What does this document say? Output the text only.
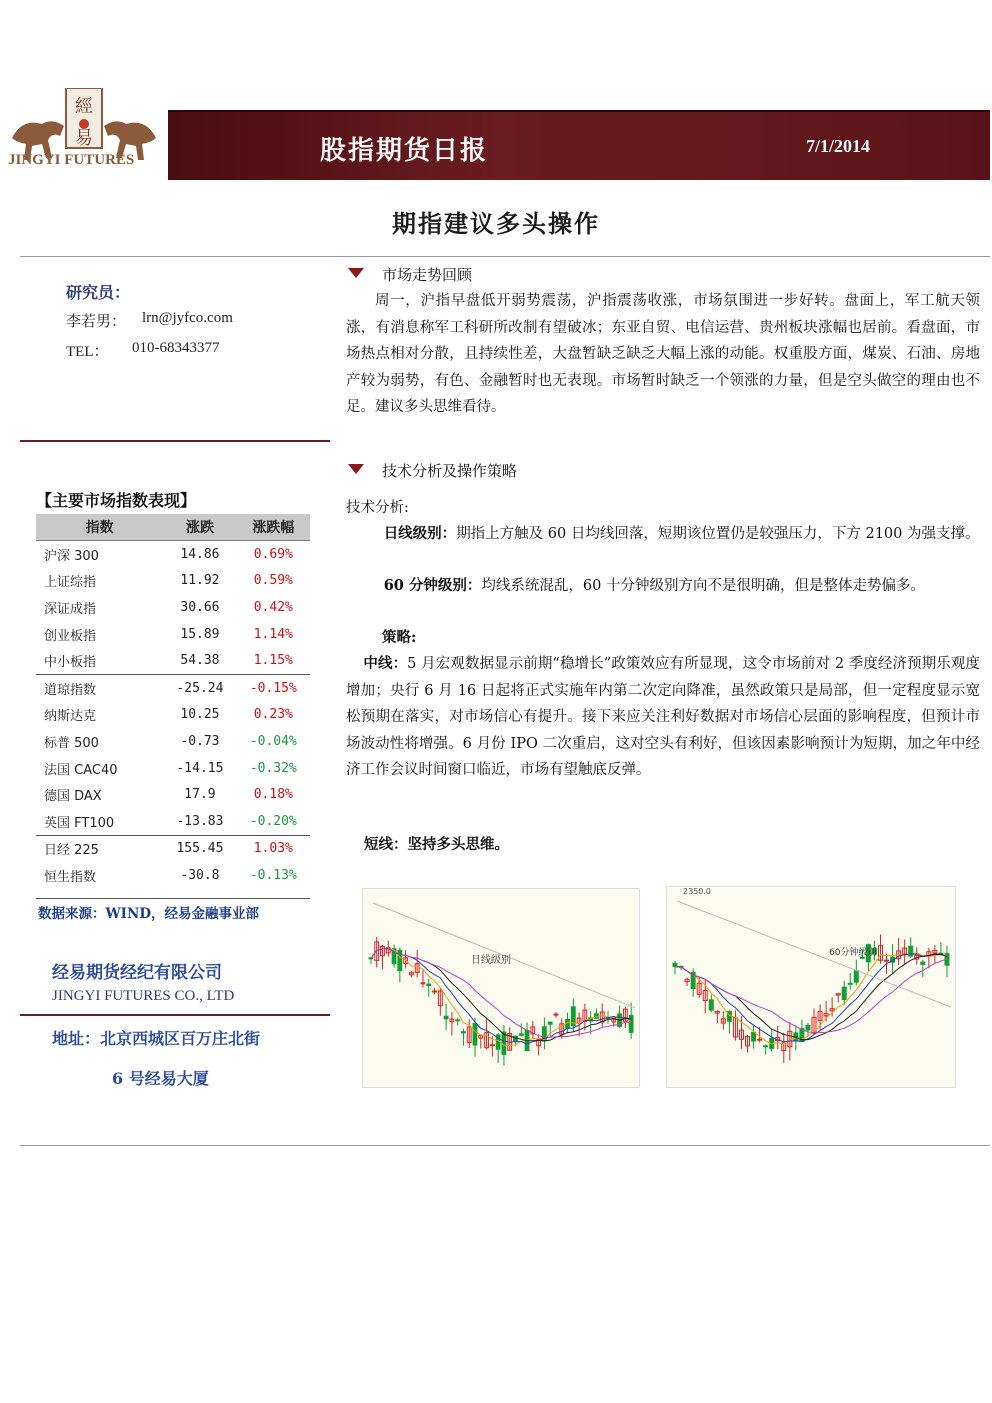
經
易
JINGYI FUTURES	股指期货日报	7/1/2014
期指建议多头操作
研究员：
李若男： lrn@jyfco.com
TEL： 010-68343377
【主要市场指数表现】
指数	涨跌	涨跌幅
沪深 300	14.86	0.69%
上证综指	11.92	0.59%
深证成指	30.66	0.42%
创业板指	15.89	1.14%
中小板指	54.38	1.15%
道琼指数	-25.24	-0.15%
纳斯达克	10.25	0.23%
标普 500	-0.73	-0.04%
法国 CAC40	-14.15	-0.32%
德国 DAX	17.9	0.18%
英国 FT100	-13.83	-0.20%
日经 225	155.45	1.03%
恒生指数	-30.8	-0.13%
数据来源：WIND，经易金融事业部
经易期货经纪有限公司
JINGYI FUTURES CO., LTD
地址：北京西城区百万庄北街
6 号经易大厦
市场走势回顾
周一，沪指早盘低开弱势震荡，沪指震荡收涨，市场氛围进一步好转。盘面上，军工航天领涨，有消息称军工科研所改制有望破冰；东亚自贸、电信运营、贵州板块涨幅也居前。看盘面，市场热点相对分散，且持续性差，大盘暂缺乏缺乏大幅上涨的动能。权重股方面，煤炭、石油、房地产较为弱势，有色、金融暂时也无表现。市场暂时缺乏一个领涨的力量，但是空头做空的理由也不足。建议多头思维看待。
技术分析及操作策略
技术分析:
日线级别：期指上方触及 60 日均线回落，短期该位置仍是较强压力，下方 2100 为强支撑。
60 分钟级别：均线系统混乱，60 十分钟级别方向不是很明确，但是整体走势偏多。
策略:
中线：5 月宏观数据显示前期“稳增长”政策效应有所显现，这令市场前对 2 季度经济预期乐观度增加；央行 6 月 16 日起将正式实施年内第二次定向降准，虽然政策只是局部，但一定程度显示宽松预期在落实，对市场信心有提升。接下来应关注利好数据对市场信心层面的影响程度，但预计市场波动性将增强。6 月份 IPO 二次重启，这对空头有利好，但该因素影响预计为短期，加之年中经济工作会议时间窗口临近，市场有望触底反弹。
短线：坚持多头思维。
日线级别
60分钟级别
2350.0
